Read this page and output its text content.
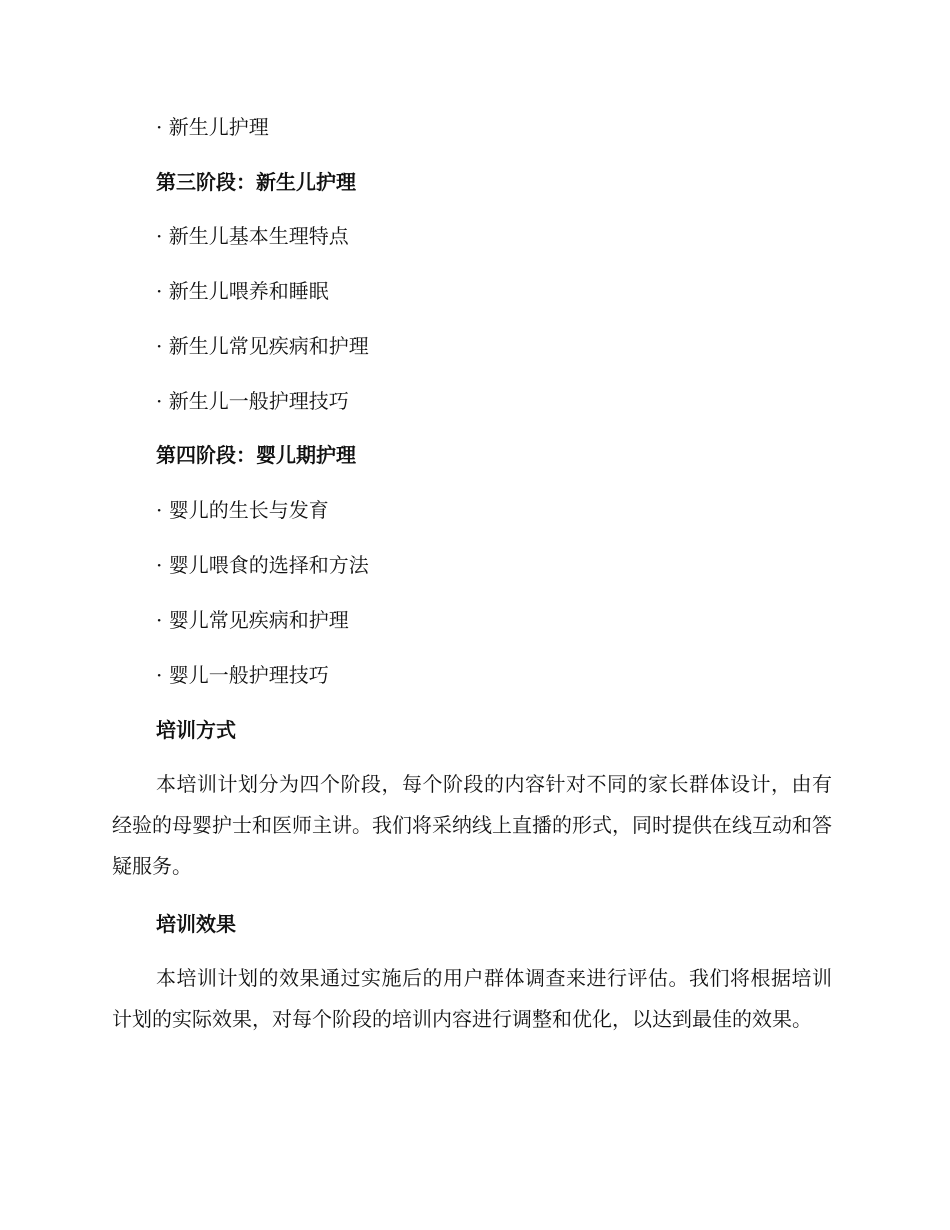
· 新生儿护理
第三阶段：新生儿护理
· 新生儿基本生理特点
· 新生儿喂养和睡眠
· 新生儿常见疾病和护理
· 新生儿一般护理技巧
第四阶段：婴儿期护理
· 婴儿的生长与发育
· 婴儿喂食的选择和方法
· 婴儿常见疾病和护理
· 婴儿一般护理技巧
培训方式

本培训计划分为四个阶段，每个阶段的内容针对不同的家长群体设计，由有经验的母婴护士和医师主讲。我们将采纳线上直播的形式，同时提供在线互动和答疑服务。

培训效果

本培训计划的效果通过实施后的用户群体调查来进行评估。我们将根据培训计划的实际效果，对每个阶段的培训内容进行调整和优化，以达到最佳的效果。
